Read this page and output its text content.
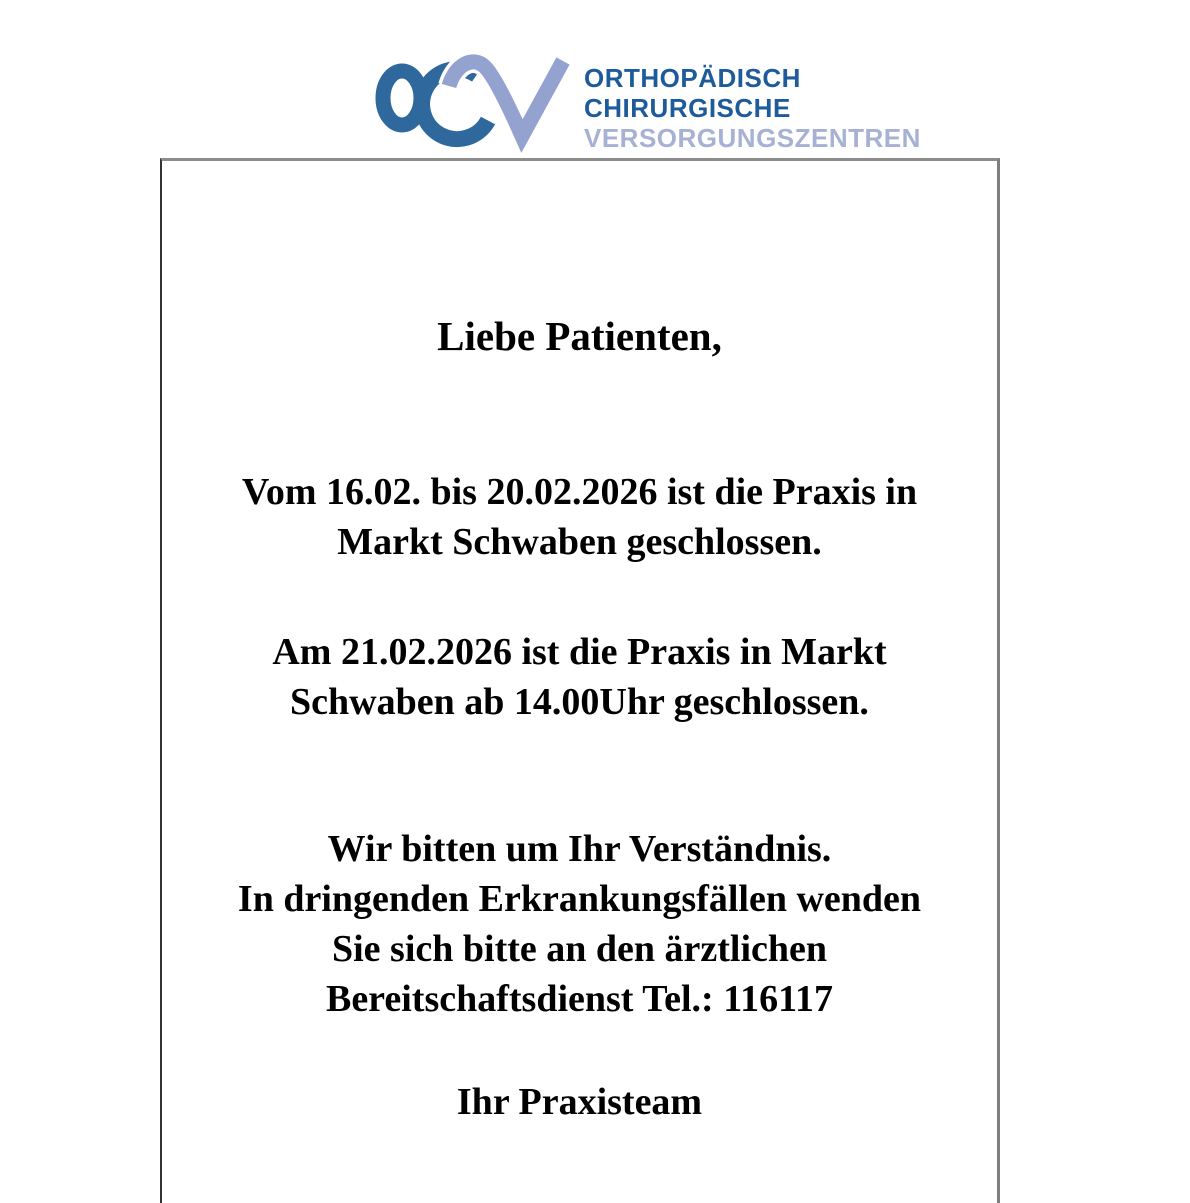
ORTHOPÄDISCH
CHIRURGISCHE
VERSORGUNGSZENTREN
Liebe Patienten,

Vom 16.02. bis 20.02.2026 ist die Praxis in
Markt Schwaben geschlossen.

Am 21.02.2026 ist die Praxis in Markt
Schwaben ab 14.00Uhr geschlossen.

Wir bitten um Ihr Verständnis.
In dringenden Erkrankungsfällen wenden
Sie sich bitte an den ärztlichen
Bereitschaftsdienst Tel.: 116117

Ihr Praxisteam
